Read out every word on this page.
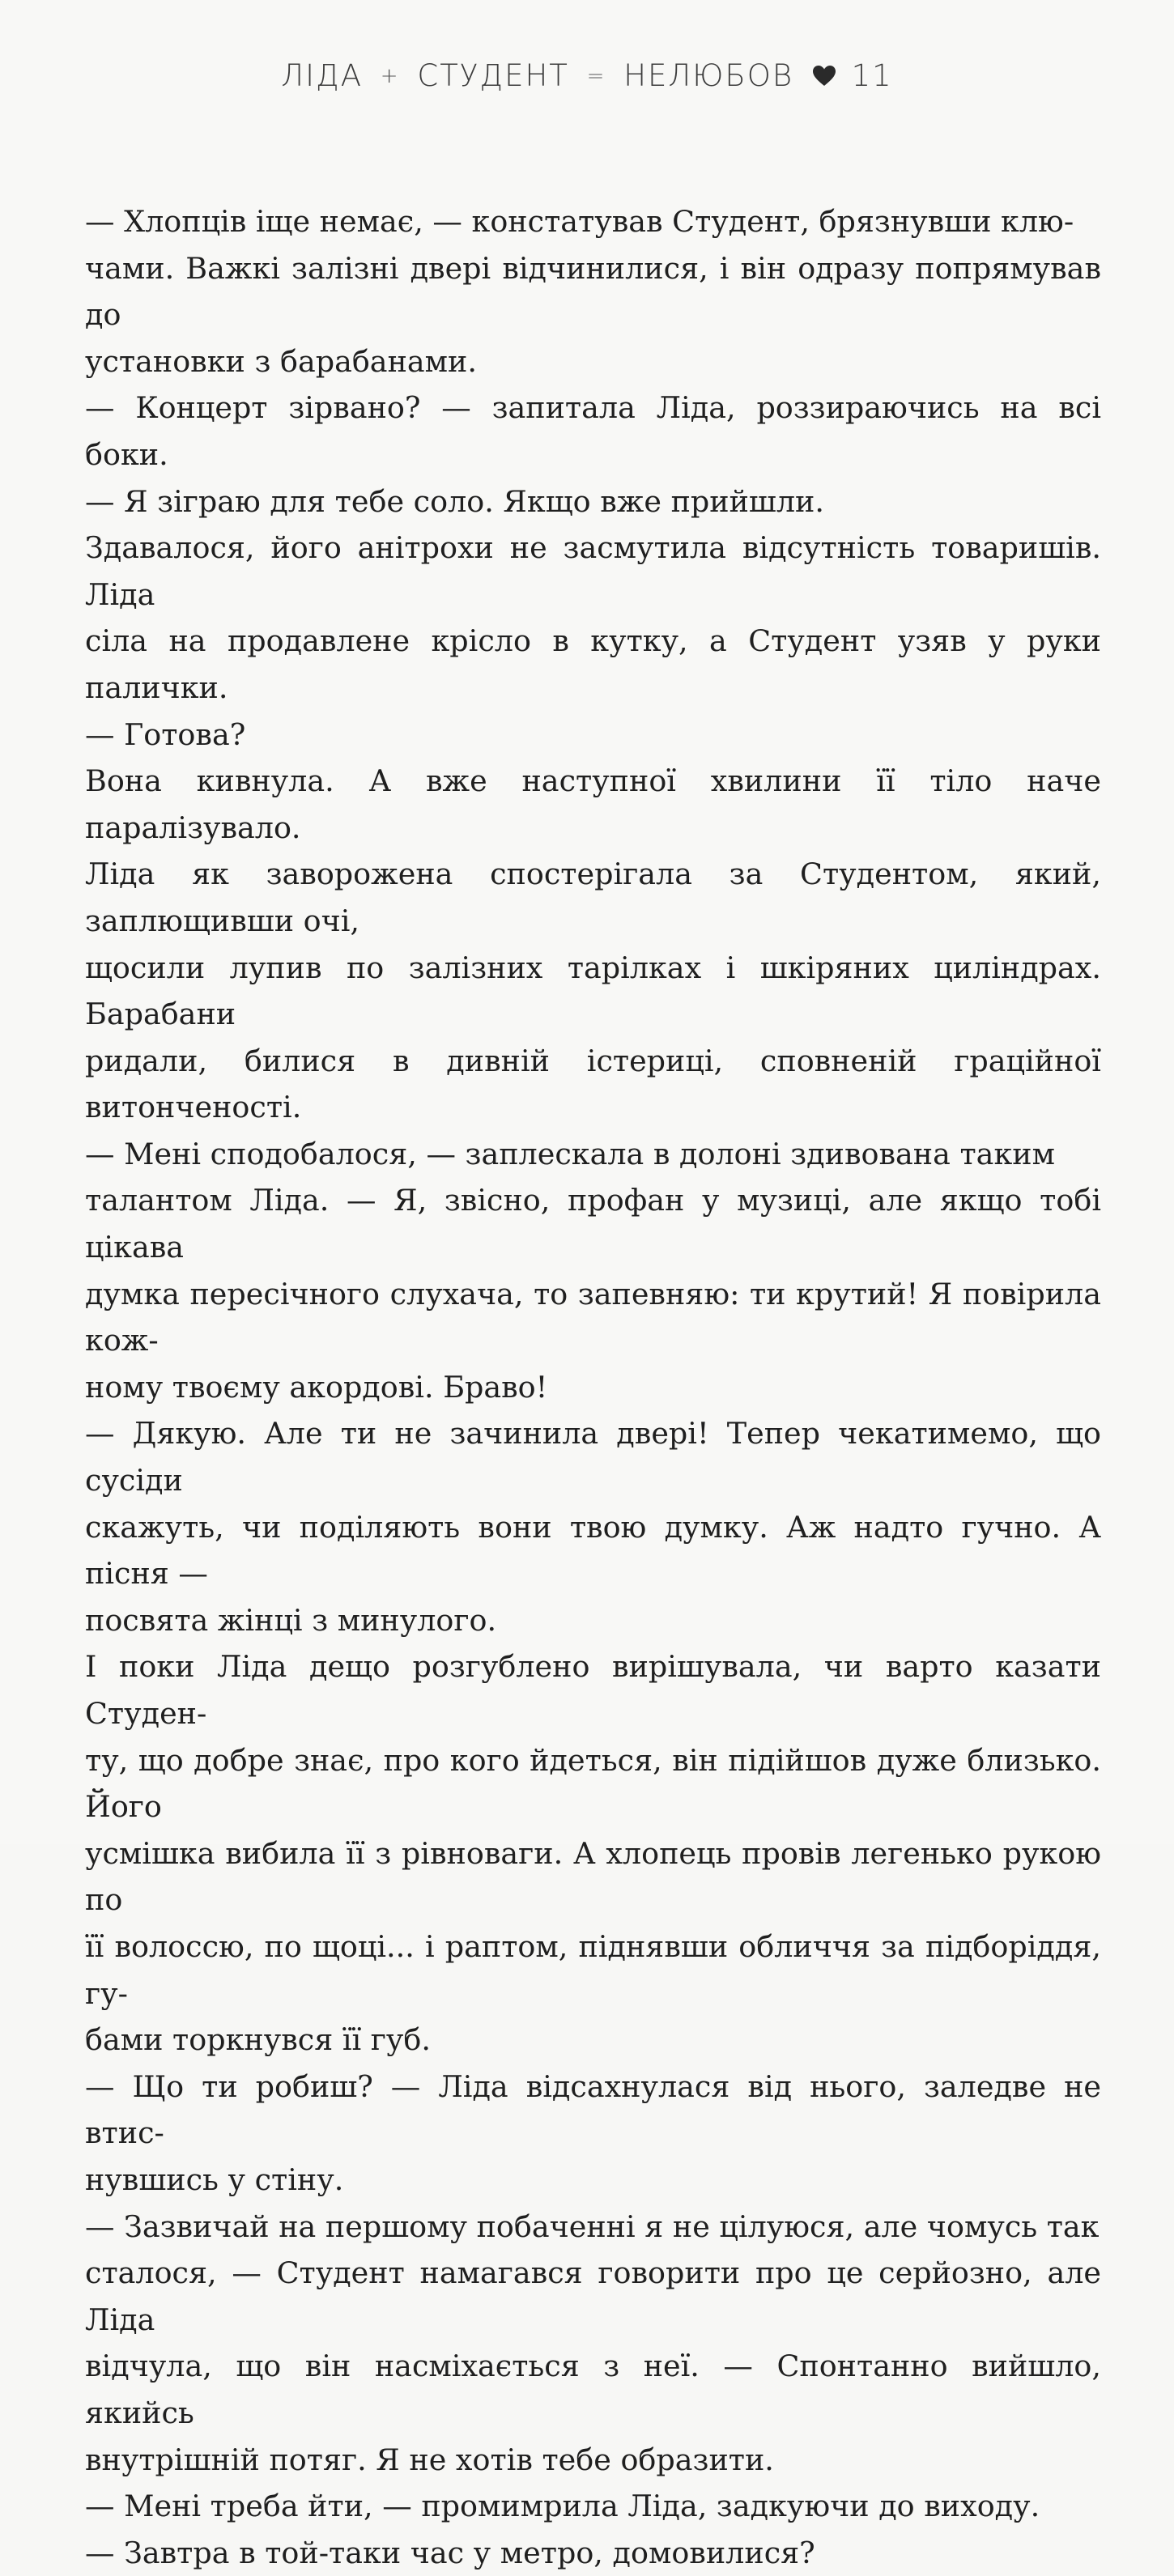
ЛІДА + СТУДЕНТ = НЕЛЮБОВ 11

— Хлопців іще немає, — констатував Студент, брязнувши клю-
чами. Важкі залізні двері відчинилися, і він одразу попрямував до
установки з барабанами.

— Концерт зірвано? — запитала Ліда, роззираючись на всі боки.

— Я зіграю для тебе соло. Якщо вже прийшли.

Здавалося, його анітрохи не засмутила відсутність товаришів. Ліда
сіла на продавлене крісло в кутку, а Студент узяв у руки палички.

— Готова?

Вона кивнула. А вже наступної хвилини її тіло наче паралізувало.
Ліда як заворожена спостерігала за Студентом, який, заплющивши очі,
щосили лупив по залізних тарілках і шкіряних циліндрах. Барабани
ридали, билися в дивній істериці, сповненій граційної витонченості.

— Мені сподобалося, — заплескала в долоні здивована таким
талантом Ліда. — Я, звісно, профан у музиці, але якщо тобі цікава
думка пересічного слухача, то запевняю: ти крутий! Я повірила кож-
ному твоєму акордові. Браво!

— Дякую. Але ти не зачинила двері! Тепер чекатимемо, що сусіди
скажуть, чи поділяють вони твою думку. Аж надто гучно. А пісня —
посвята жінці з минулого.

І поки Ліда дещо розгублено вирішувала, чи варто казати Студен-
ту, що добре знає, про кого йдеться, він підійшов дуже близько. Його
усмішка вибила її з рівноваги. А хлопець провів легенько рукою по
її волоссю, по щоці... і раптом, піднявши обличчя за підборіддя, гу-
бами торкнувся її губ.

— Що ти робиш? — Ліда відсахнулася від нього, заледве не втис-
нувшись у стіну.

— Зазвичай на першому побаченні я не цілуюся, але чомусь так
сталося, — Студент намагався говорити про це серйозно, але Ліда
відчула, що він насміхається з неї. — Спонтанно вийшло, якийсь
внутрішній потяг. Я не хотів тебе образити.

— Мені треба йти, — промимрила Ліда, задкуючи до виходу.

— Завтра в той-таки час у метро, домовилися?
